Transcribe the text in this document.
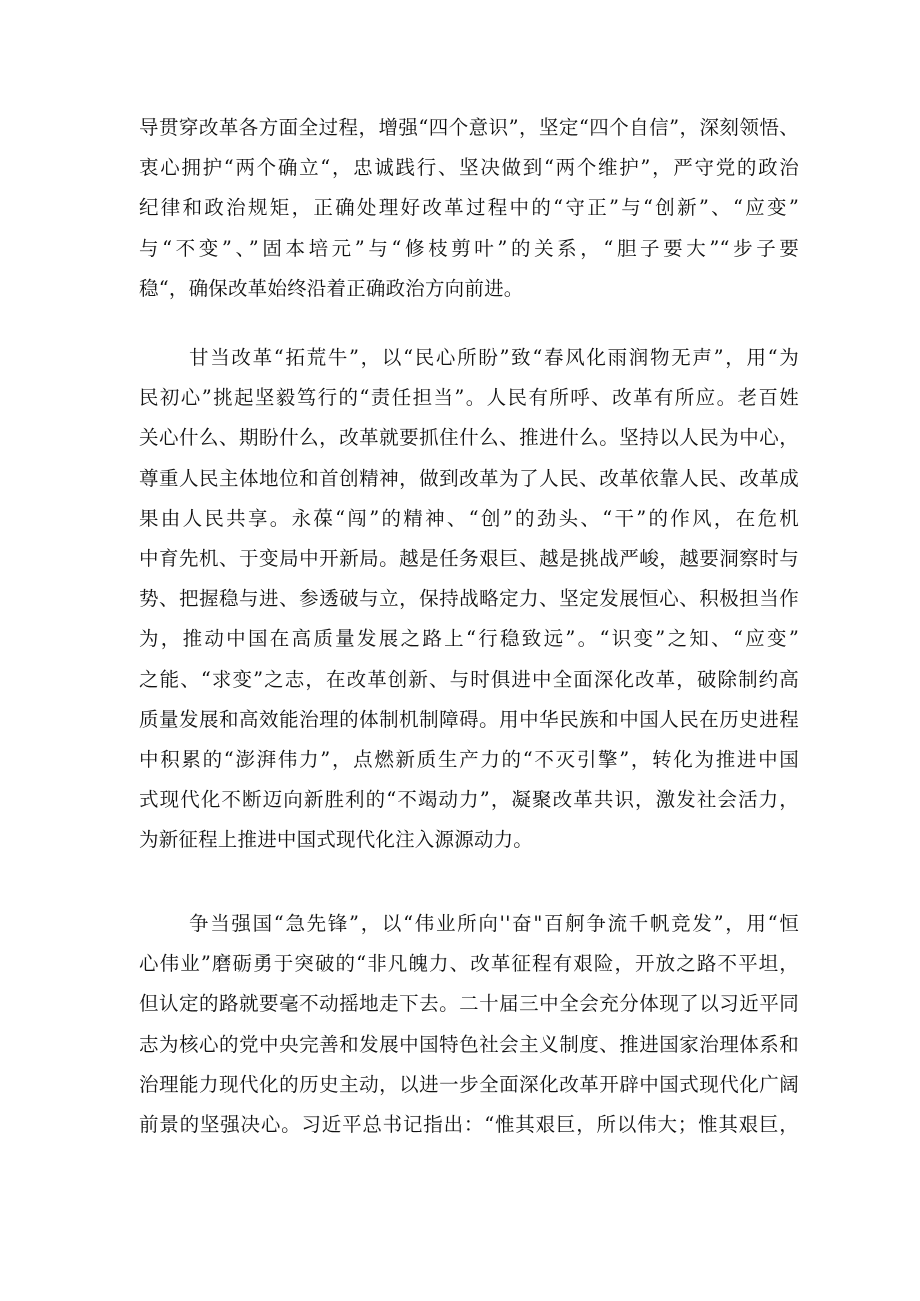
导贯穿改革各方面全过程，增强“四个意识”，坚定“四个自信”，深刻领悟、
衷心拥护“两个确立“，忠诚践行、坚决做到“两个维护”，严守党的政治
纪律和政治规矩，正确处理好改革过程中的“守正”与“创新”、“应变”
与“不变”、”固本培元”与“修枝剪叶”的关系，“胆子要大”“步子要
稳“，确保改革始终沿着正确政治方向前进。
甘当改革“拓荒牛”，以“民心所盼”致“春风化雨润物无声”，用“为
民初心”挑起坚毅笃行的“责任担当”。人民有所呼、改革有所应。老百姓
关心什么、期盼什么，改革就要抓住什么、推进什么。坚持以人民为中心，
尊重人民主体地位和首创精神，做到改革为了人民、改革依靠人民、改革成
果由人民共享。永葆“闯”的精神、“创”的劲头、“干”的作风，在危机
中育先机、于变局中开新局。越是任务艰巨、越是挑战严峻，越要洞察时与
势、把握稳与进、参透破与立，保持战略定力、坚定发展恒心、积极担当作
为，推动中国在高质量发展之路上“行稳致远”。“识变”之知、“应变”
之能、“求变”之志，在改革创新、与时俱进中全面深化改革，破除制约高
质量发展和高效能治理的体制机制障碍。用中华民族和中国人民在历史进程
中积累的“澎湃伟力”，点燃新质生产力的“不灭引擎”，转化为推进中国
式现代化不断迈向新胜利的“不竭动力”，凝聚改革共识，激发社会活力，
为新征程上推进中国式现代化注入源源动力。
争当强国“急先锋”，以“伟业所向''奋"百舸争流千帆竞发”，用“恒
心伟业”磨砺勇于突破的“非凡魄力、改革征程有艰险，开放之路不平坦，
但认定的路就要毫不动摇地走下去。二十届三中全会充分体现了以习近平同
志为核心的党中央完善和发展中国特色社会主义制度、推进国家治理体系和
治理能力现代化的历史主动，以进一步全面深化改革开辟中国式现代化广阔
前景的坚强决心。习近平总书记指出：“惟其艰巨，所以伟大；惟其艰巨，
